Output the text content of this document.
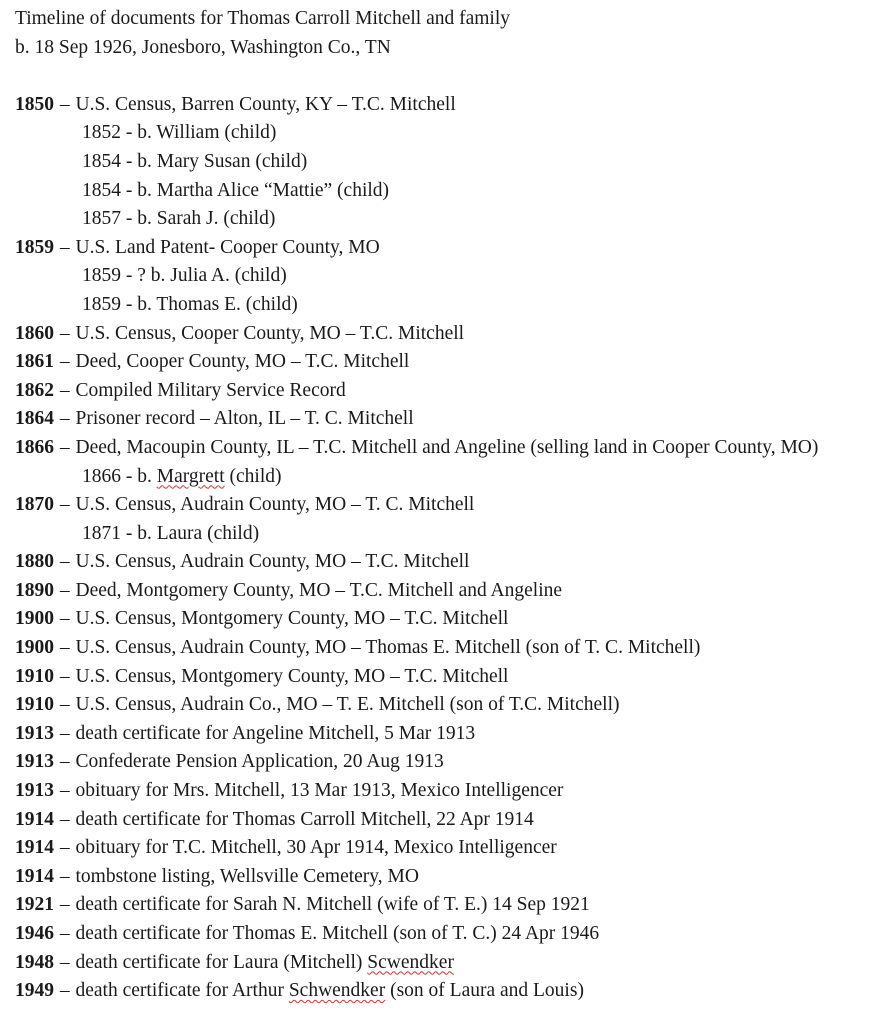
Timeline of documents for Thomas Carroll Mitchell and family
b. 18 Sep 1926, Jonesboro, Washington Co., TN
1850 – U.S. Census, Barren County, KY – T.C. Mitchell
1852 - b. William (child)
1854 - b. Mary Susan (child)
1854 - b. Martha Alice “Mattie” (child)
1857 - b. Sarah J. (child)
1859 – U.S. Land Patent- Cooper County, MO
1859 - ? b. Julia A. (child)
1859 - b. Thomas E. (child)
1860 – U.S. Census, Cooper County, MO – T.C. Mitchell
1861 – Deed, Cooper County, MO – T.C. Mitchell
1862 – Compiled Military Service Record
1864 – Prisoner record – Alton, IL – T. C. Mitchell
1866 – Deed, Macoupin County, IL – T.C. Mitchell and Angeline (selling land in Cooper County, MO)
1866 - b. Margrett (child)
1870 – U.S. Census, Audrain County, MO – T. C. Mitchell
1871 - b. Laura (child)
1880 – U.S. Census, Audrain County, MO – T.C. Mitchell
1890 – Deed, Montgomery County, MO – T.C. Mitchell and Angeline
1900 – U.S. Census, Montgomery County, MO – T.C. Mitchell
1900 – U.S. Census, Audrain County, MO – Thomas E. Mitchell (son of T. C. Mitchell)
1910 – U.S. Census, Montgomery County, MO – T.C. Mitchell
1910 – U.S. Census, Audrain Co., MO – T. E. Mitchell (son of T.C. Mitchell)
1913 – death certificate for Angeline Mitchell, 5 Mar 1913
1913 – Confederate Pension Application, 20 Aug 1913
1913 – obituary for Mrs. Mitchell, 13 Mar 1913, Mexico Intelligencer
1914 – death certificate for Thomas Carroll Mitchell, 22 Apr 1914
1914 – obituary for T.C. Mitchell, 30 Apr 1914, Mexico Intelligencer
1914 – tombstone listing, Wellsville Cemetery, MO
1921 – death certificate for Sarah N. Mitchell (wife of T. E.) 14 Sep 1921
1946 – death certificate for Thomas E. Mitchell (son of T. C.) 24 Apr 1946
1948 – death certificate for Laura (Mitchell) Scwendker
1949 – death certificate for Arthur Schwendker (son of Laura and Louis)
